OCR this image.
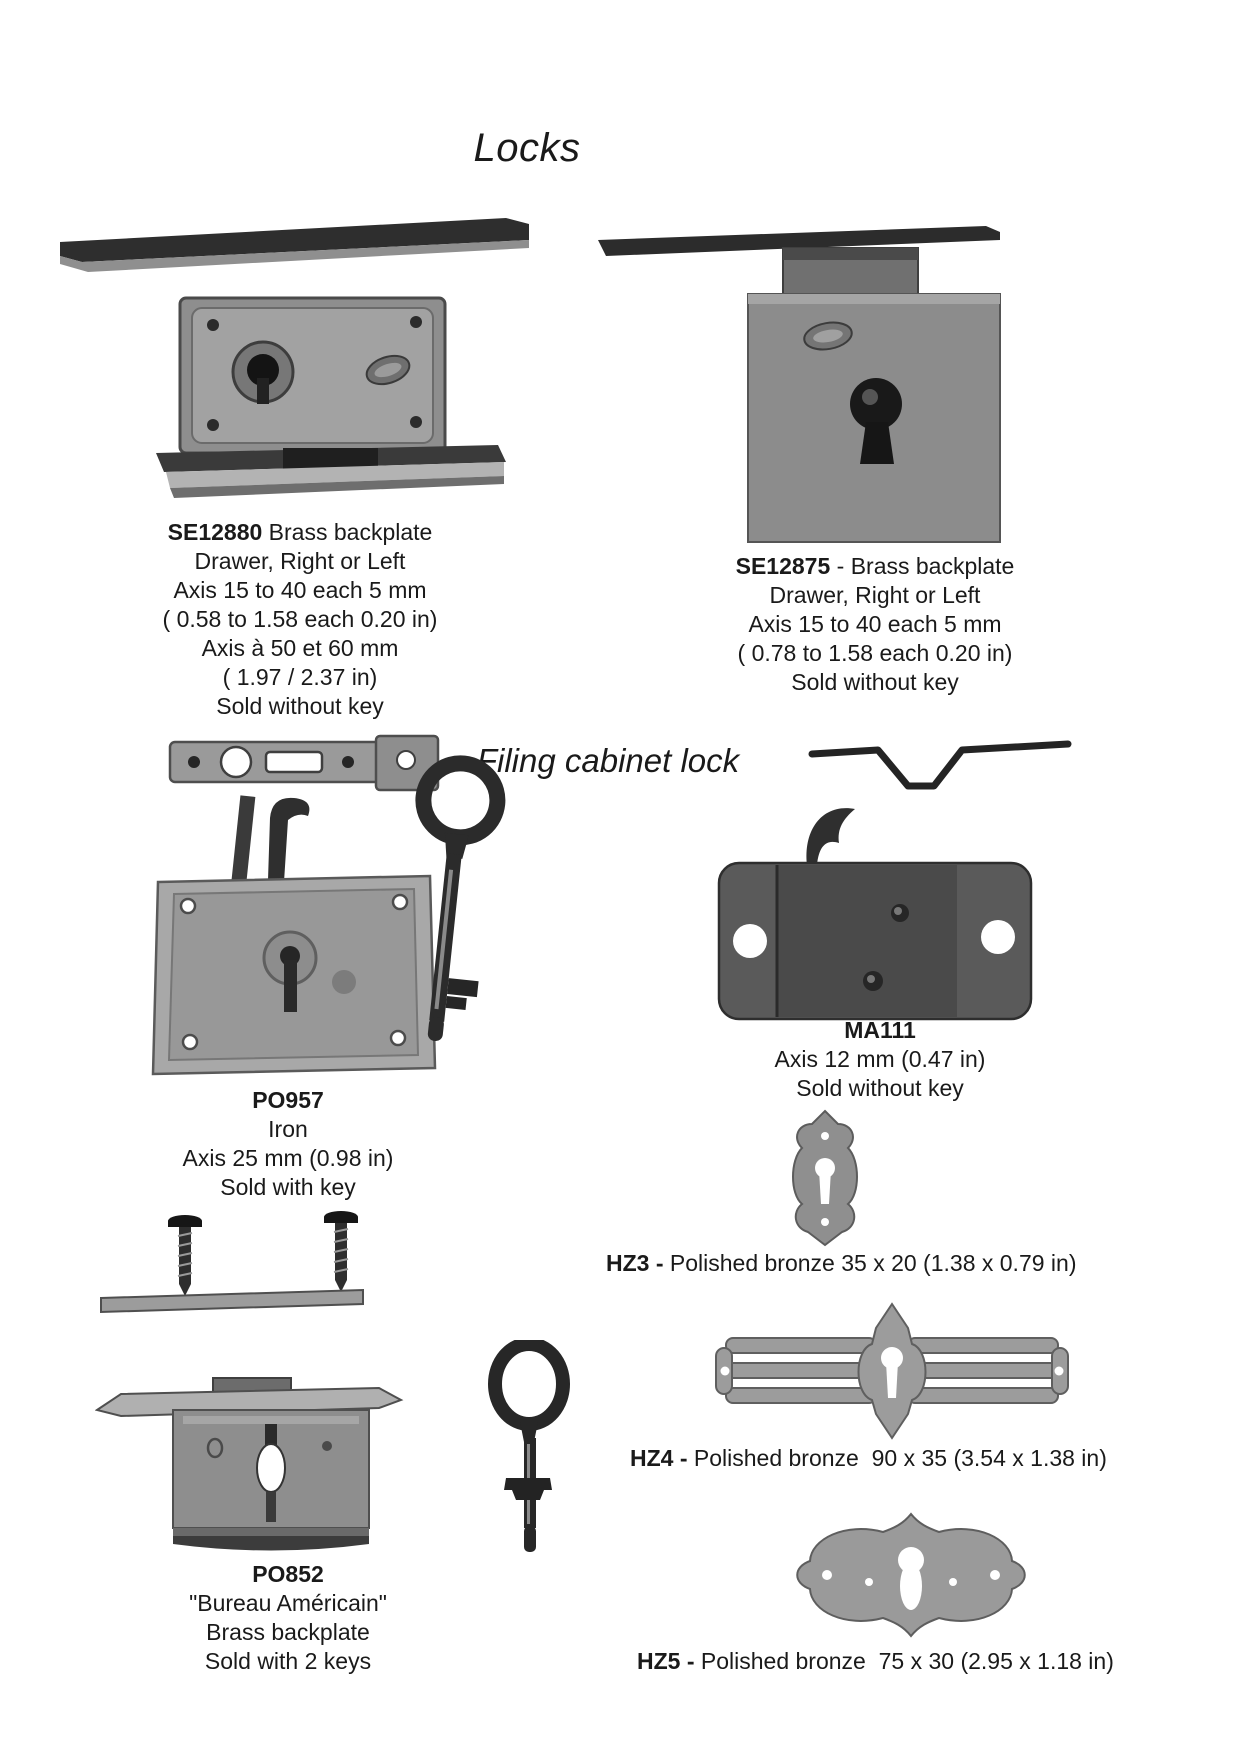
Locks
SE12880 Brass backplate
Drawer, Right or Left
Axis 15 to 40 each 5 mm
( 0.58 to 1.58 each 0.20 in)
Axis à 50 et 60 mm
( 1.97 / 2.37 in)
Sold without key
SE12875 - Brass backplate
Drawer, Right or Left
Axis 15 to 40 each 5 mm
( 0.78 to 1.58 each 0.20 in)
Sold without key
Filing cabinet lock
PO957
Iron
Axis 25 mm (0.98 in)
Sold with key
MA111
Axis 12 mm (0.47 in)
Sold without key
HZ3 - Polished bronze 35 x 20 (1.38 x 0.79 in)
HZ4 - Polished bronze  90 x 35 (3.54 x 1.38 in)
HZ5 - Polished bronze  75 x 30 (2.95 x 1.18 in)
PO852
"Bureau Américain"
Brass backplate
Sold with 2 keys
